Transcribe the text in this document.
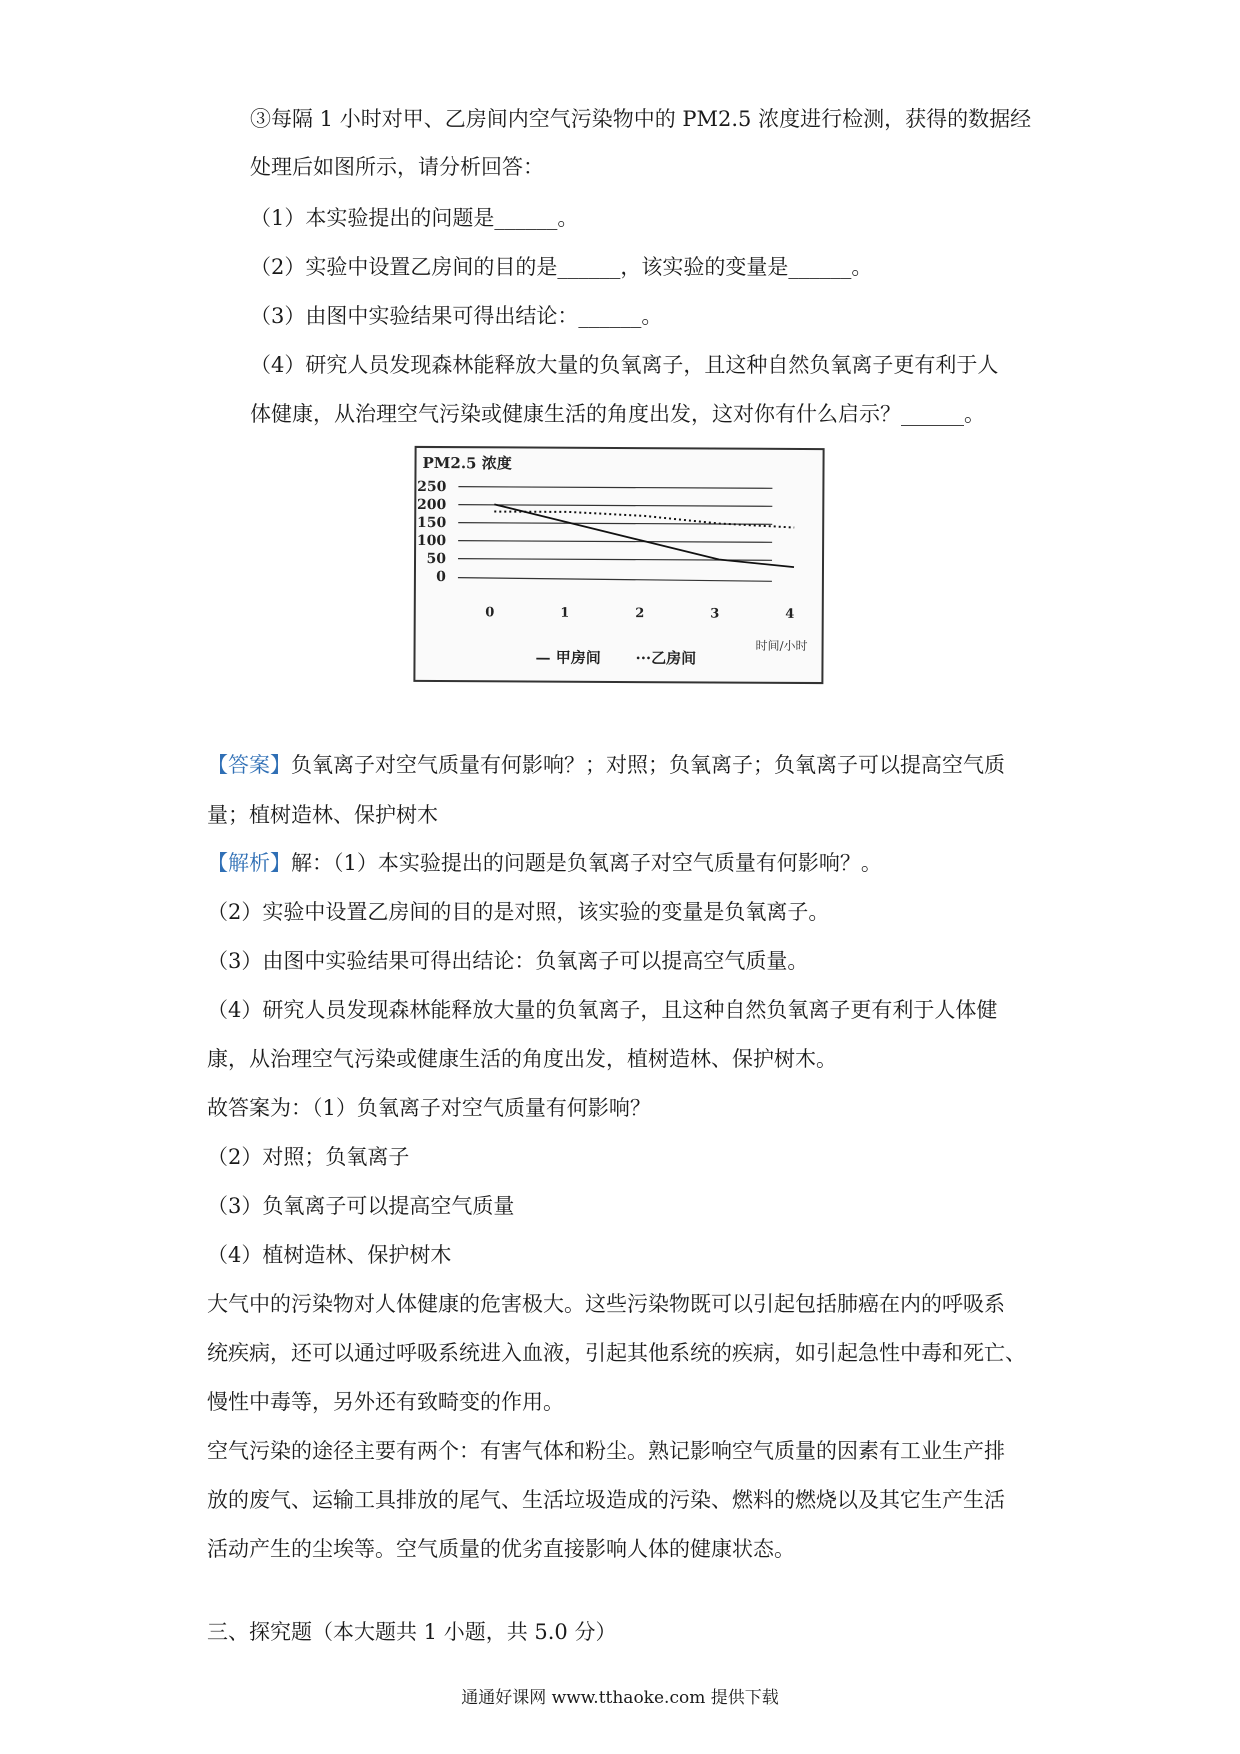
③每隔 1 小时对甲、乙房间内空气污染物中的 PM2.5 浓度进行检测，获得的数据经
处理后如图所示，请分析回答：
（1）本实验提出的问题是______。
（2）实验中设置乙房间的目的是______，该实验的变量是______。
（3）由图中实验结果可得出结论：______。
（4）研究人员发现森林能释放大量的负氧离子，且这种自然负氧离子更有利于人
体健康，从治理空气污染或健康生活的角度出发，这对你有什么启示？______。
PM2.5 浓度
0
50
100
150
200
250
0	1	2	3	4
时间/小时
— 甲房间 ···乙房间
【答案】负氧离子对空气质量有何影响？；对照；负氧离子；负氧离子可以提高空气质
量；植树造林、保护树木
【解析】解：（1）本实验提出的问题是负氧离子对空气质量有何影响？。
（2）实验中设置乙房间的目的是对照，该实验的变量是负氧离子。
（3）由图中实验结果可得出结论：负氧离子可以提高空气质量。
（4）研究人员发现森林能释放大量的负氧离子，且这种自然负氧离子更有利于人体健
康，从治理空气污染或健康生活的角度出发，植树造林、保护树木。
故答案为：（1）负氧离子对空气质量有何影响？
（2）对照；负氧离子
（3）负氧离子可以提高空气质量
（4）植树造林、保护树木
大气中的污染物对人体健康的危害极大。这些污染物既可以引起包括肺癌在内的呼吸系
统疾病，还可以通过呼吸系统进入血液，引起其他系统的疾病，如引起急性中毒和死亡、
慢性中毒等，另外还有致畸变的作用。
空气污染的途径主要有两个：有害气体和粉尘。熟记影响空气质量的因素有工业生产排
放的废气、运输工具排放的尾气、生活垃圾造成的污染、燃料的燃烧以及其它生产生活
活动产生的尘埃等。空气质量的优劣直接影响人体的健康状态。
三、探究题（本大题共 1 小题，共 5.0 分）
通通好课网 www.tthaoke.com 提供下载
